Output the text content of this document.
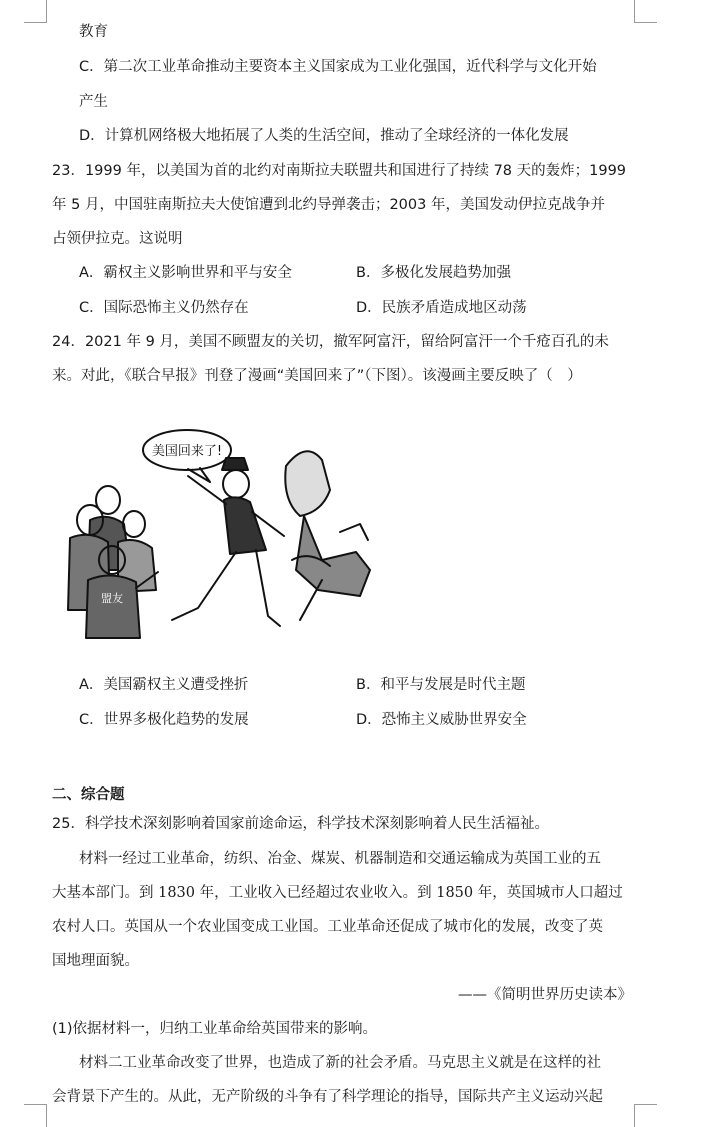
教育
C．第二次工业革命推动主要资本主义国家成为工业化强国，近代科学与文化开始
产生
D．计算机网络极大地拓展了人类的生活空间，推动了全球经济的一体化发展
23．1999 年，以美国为首的北约对南斯拉夫联盟共和国进行了持续 78 天的轰炸；1999
年 5 月，中国驻南斯拉夫大使馆遭到北约导弹袭击；2003 年，美国发动伊拉克战争并
占领伊拉克。这说明
A．霸权主义影响世界和平与安全	B．多极化发展趋势加强
C．国际恐怖主义仍然存在	D．民族矛盾造成地区动荡
24．2021 年 9 月，美国不顾盟友的关切，撤军阿富汗，留给阿富汗一个千疮百孔的未
来。对此，《联合早报》刊登了漫画“美国回来了”（下图）。该漫画主要反映了（　）
美国回来了!
盟友
A．美国霸权主义遭受挫折	B．和平与发展是时代主题
C．世界多极化趋势的发展	D．恐怖主义威胁世界安全
二、综合题
25．科学技术深刻影响着国家前途命运，科学技术深刻影响着人民生活福祉。
材料一经过工业革命，纺织、冶金、煤炭、机器制造和交通运输成为英国工业的五
大基本部门。到 1830 年，工业收入已经超过农业收入。到 1850 年，英国城市人口超过
农村人口。英国从一个农业国变成工业国。工业革命还促成了城市化的发展，改变了英
国地理面貌。
——《简明世界历史读本》
(1)依据材料一，归纳工业革命给英国带来的影响。
材料二工业革命改变了世界，也造成了新的社会矛盾。马克思主义就是在这样的社
会背景下产生的。从此，无产阶级的斗争有了科学理论的指导，国际共产主义运动兴起
